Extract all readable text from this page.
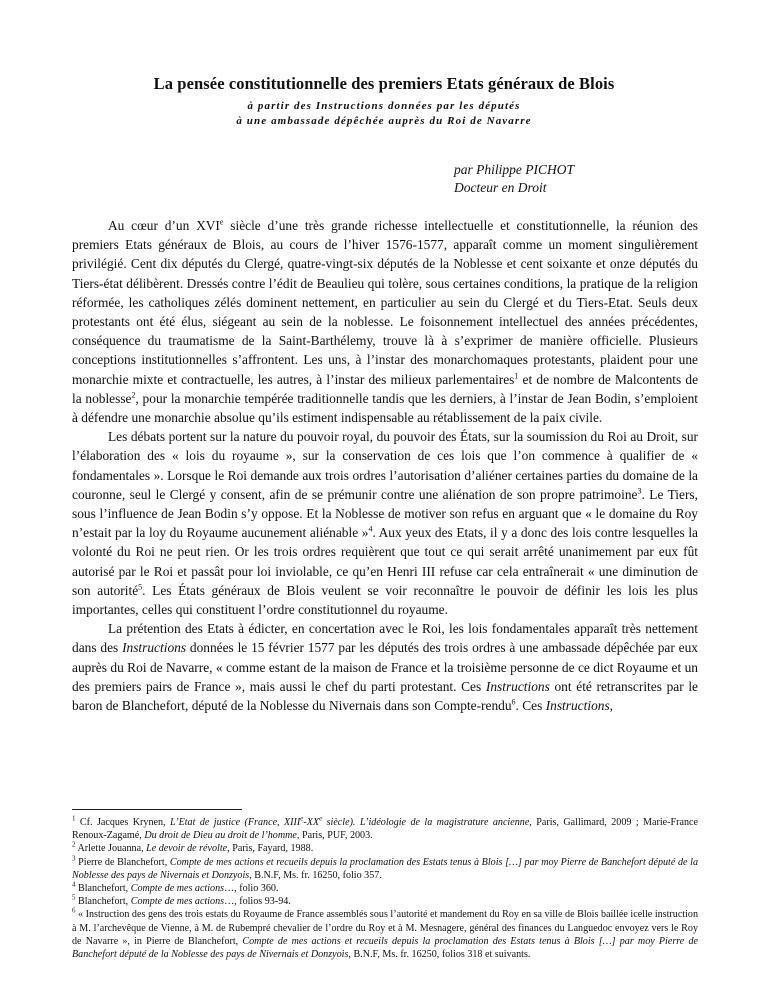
La pensée constitutionnelle des premiers Etats généraux de Blois
à partir des Instructions données par les députés
à une ambassade dépêchée auprès du Roi de Navarre
par Philippe PICHOT
Docteur en Droit

Au cœur d’un XVIe siècle d’une très grande richesse intellectuelle et constitutionnelle, la réunion des premiers Etats généraux de Blois, au cours de l’hiver 1576-1577, apparaît comme un moment singulièrement privilégié. Cent dix députés du Clergé, quatre-vingt-six députés de la Noblesse et cent soixante et onze députés du Tiers-état délibèrent. Dressés contre l’édit de Beaulieu qui tolère, sous certaines conditions, la pratique de la religion réformée, les catholiques zélés dominent nettement, en particulier au sein du Clergé et du Tiers-Etat. Seuls deux protestants ont été élus, siégeant au sein de la noblesse. Le foisonnement intellectuel des années précédentes, conséquence du traumatisme de la Saint-Barthélemy, trouve là à s’exprimer de manière officielle. Plusieurs conceptions institutionnelles s’affrontent. Les uns, à l’instar des monarchomaques protestants, plaident pour une monarchie mixte et contractuelle, les autres, à l’instar des milieux parlementaires$^1$ et de nombre de Malcontents de la noblesse$^2$, pour la monarchie tempérée traditionnelle tandis que les derniers, à l’instar de Jean Bodin, s’emploient à défendre une monarchie absolue qu’ils estiment indispensable au rétablissement de la paix civile.

Les débats portent sur la nature du pouvoir royal, du pouvoir des États, sur la soumission du Roi au Droit, sur l’élaboration des « lois du royaume », sur la conservation de ces lois que l’on commence à qualifier de « fondamentales ». Lorsque le Roi demande aux trois ordres l’autorisation d’aliéner certaines parties du domaine de la couronne, seul le Clergé y consent, afin de se prémunir contre une aliénation de son propre patrimoine$^3$. Le Tiers, sous l’influence de Jean Bodin s’y oppose. Et la Noblesse de motiver son refus en arguant que « le domaine du Roy n’estait par la loy du Royaume aucunement aliénable »$^4$. Aux yeux des Etats, il y a donc des lois contre lesquelles la volonté du Roi ne peut rien. Or les trois ordres requièrent que tout ce qui serait arrêté unanimement par eux fût autorisé par le Roi et passât pour loi inviolable, ce qu’en Henri III refuse car cela entraînerait « une diminution de son autorité$^5$. Les États généraux de Blois veulent se voir reconnaître le pouvoir de définir les lois les plus importantes, celles qui constituent l’ordre constitutionnel du royaume.

La prétention des Etats à édicter, en concertation avec le Roi, les lois fondamentales apparaît très nettement dans des Instructions données le 15 février 1577 par les députés des trois ordres à une ambassade dépêchée par eux auprès du Roi de Navarre, « comme estant de la maison de France et la troisième personne de ce dict Royaume et un des premiers pairs de France », mais aussi le chef du parti protestant. Ces Instructions ont été retranscrites par le baron de Blanchefort, député de la Noblesse du Nivernais dans son Compte-rendu$^6$. Ces Instructions,

$^1$ Cf. Jacques Krynen, L’Etat de justice (France, XIIIe-XXe siècle). L’idéologie de la magistrature ancienne, Paris, Gallimard, 2009 ; Marie-France Renoux-Zagamé, Du droit de Dieu au droit de l’homme, Paris, PUF, 2003.

$^2$ Arlette Jouanna, Le devoir de révolte, Paris, Fayard, 1988.

$^3$ Pierre de Blanchefort, Compte de mes actions et recueils depuis la proclamation des Estats tenus à Blois […] par moy Pierre de Banchefort député de la Noblesse des pays de Nivernais et Donzyois, B.N.F, Ms. fr. 16250, folio 357.

$^4$ Blanchefort, Compte de mes actions…, folio 360.

$^5$ Blanchefort, Compte de mes actions…, folios 93-94.

$^6$ « Instruction des gens des trois estats du Royaume de France assemblés sous l’autorité et mandement du Roy en sa ville de Blois baillée icelle instruction à M. l’archevêque de Vienne, à M. de Rubempré chevalier de l’ordre du Roy et à M. Mesnagere, général des finances du Languedoc envoyez vers le Roy de Navarre », in Pierre de Blanchefort, Compte de mes actions et recueils depuis la proclamation des Estats tenus à Blois […] par moy Pierre de Banchefort député de la Noblesse des pays de Nivernais et Donzyois, B.N.F, Ms. fr. 16250, folios 318 et suivants.
